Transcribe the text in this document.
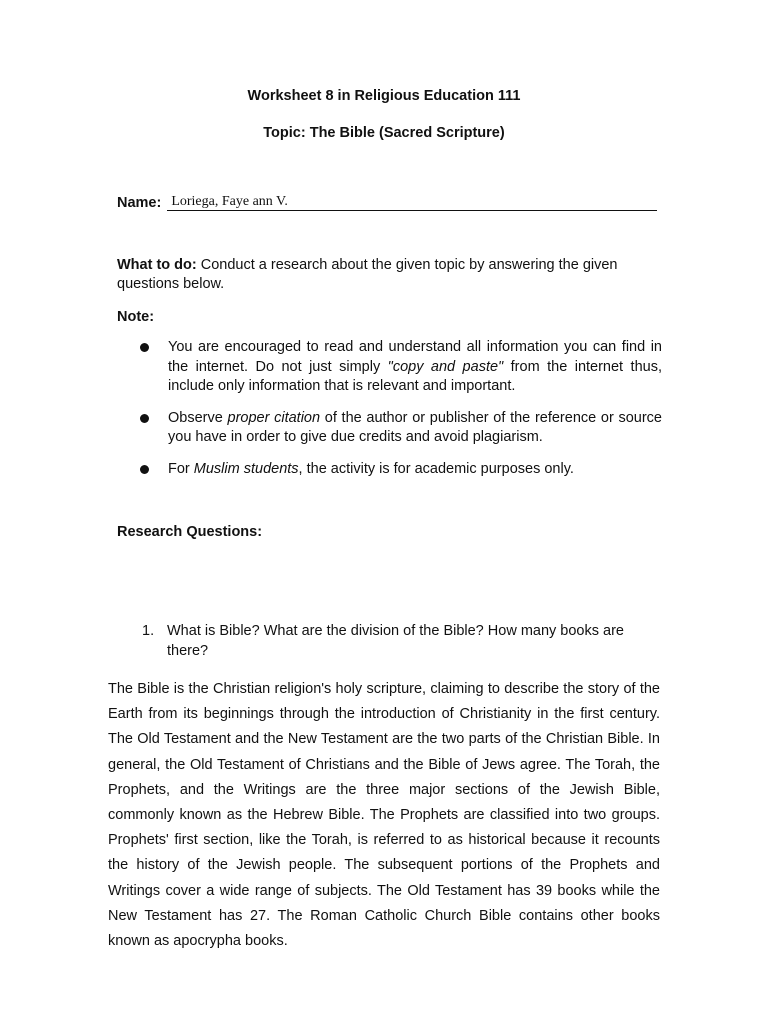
Worksheet 8 in Religious Education 111
Topic: The Bible (Sacred Scripture)
Name: Loriega, Faye ann V.
What to do: Conduct a research about the given topic by answering the given questions below.
Note:
You are encouraged to read and understand all information you can find in the internet. Do not just simply "copy and paste" from the internet thus, include only information that is relevant and important.
Observe proper citation of the author or publisher of the reference or source you have in order to give due credits and avoid plagiarism.
For Muslim students, the activity is for academic purposes only.
Research Questions:
1. What is Bible? What are the division of the Bible? How many books are there?

The Bible is the Christian religion's holy scripture, claiming to describe the story of the Earth from its beginnings through the introduction of Christianity in the first century. The Old Testament and the New Testament are the two parts of the Christian Bible. In general, the Old Testament of Christians and the Bible of Jews agree. The Torah, the Prophets, and the Writings are the three major sections of the Jewish Bible, commonly known as the Hebrew Bible. The Prophets are classified into two groups. Prophets' first section, like the Torah, is referred to as historical because it recounts the history of the Jewish people. The subsequent portions of the Prophets and Writings cover a wide range of subjects. The Old Testament has 39 books while the New Testament has 27. The Roman Catholic Church Bible contains other books known as apocrypha books.
